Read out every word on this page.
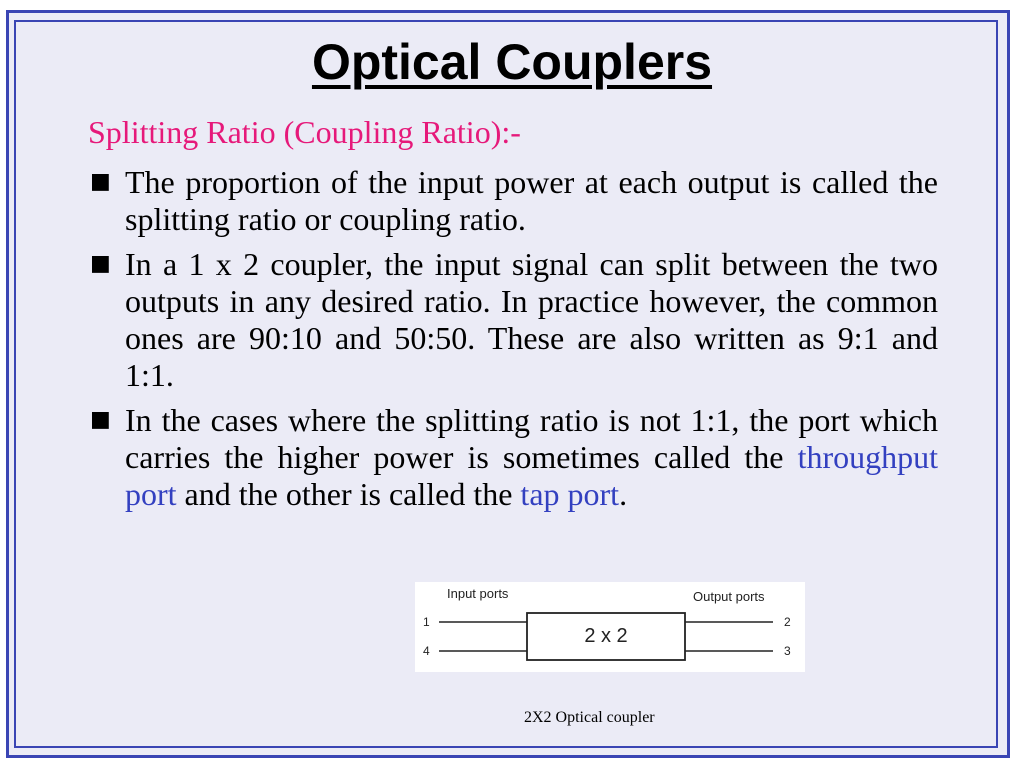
Optical Couplers
Splitting Ratio (Coupling Ratio):-
■ The proportion of the input power at each output is called the splitting ratio or coupling ratio.
■ In a 1 x 2 coupler, the input signal can split between the two outputs in any desired ratio. In practice however, the common ones are 90:10 and 50:50. These are also written as 9:1 and 1:1.
■ In the cases where the splitting ratio is not 1:1, the port which carries the higher power is sometimes called the throughput port and the other is called the tap port.
Input ports	Output ports
1
4
2
3
2 x 2
2X2 Optical coupler
